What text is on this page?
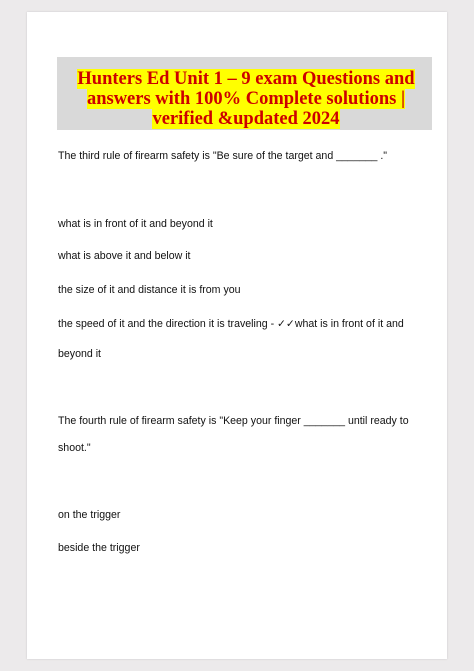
Hunters Ed Unit 1 – 9 exam Questions and answers with 100% Complete solutions | verified &updated 2024

The third rule of firearm safety is "Be sure of the target and _______ ."

what is in front of it and beyond it

what is above it and below it

the size of it and distance it is from you

the speed of it and the direction it is traveling - ✓✓what is in front of it and

beyond it

The fourth rule of firearm safety is "Keep your finger _______ until ready to

shoot."

on the trigger

beside the trigger
